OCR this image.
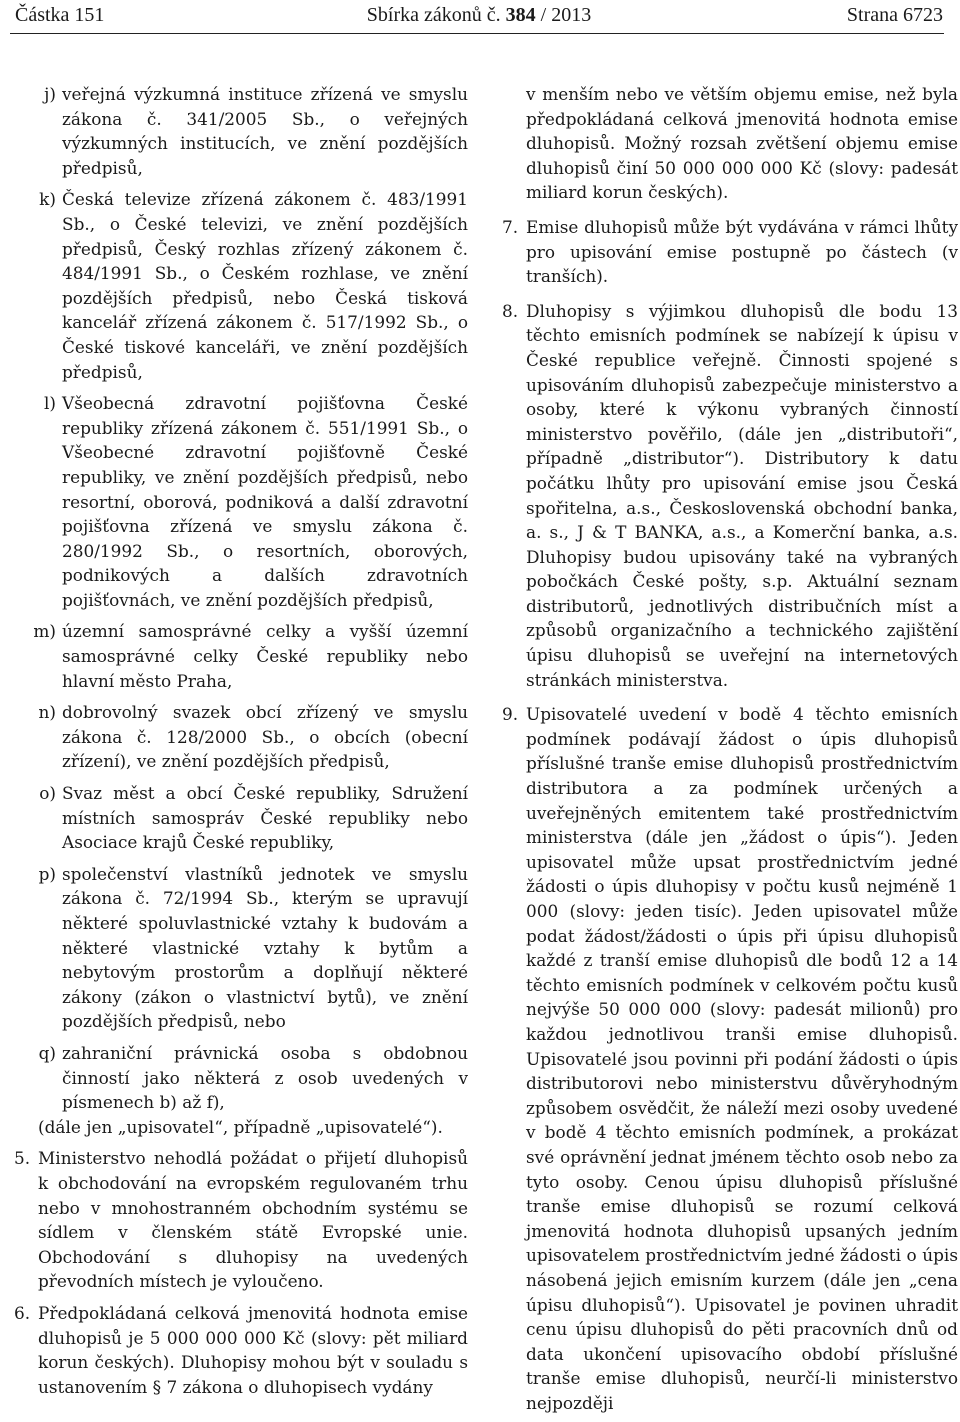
Částka 151	Sbírka zákonů č. 384 / 2013	Strana 6723
j) veřejná výzkumná instituce zřízená ve smyslu zákona č. 341/2005 Sb., o veřejných výzkumných institucích, ve znění pozdějších předpisů,
k) Česká televize zřízená zákonem č. 483/1991 Sb., o České televizi, ve znění pozdějších předpisů, Český rozhlas zřízený zákonem č. 484/1991 Sb., o Českém rozhlase, ve znění pozdějších předpisů, nebo Česká tisková kancelář zřízená zákonem č. 517/1992 Sb., o České tiskové kanceláři, ve znění pozdějších předpisů,
l) Všeobecná zdravotní pojišťovna České republiky zřízená zákonem č. 551/1991 Sb., o Všeobecné zdravotní pojišťovně České republiky, ve znění pozdějších předpisů, nebo resortní, oborová, podniková a další zdravotní pojišťovna zřízená ve smyslu zákona č. 280/1992 Sb., o resortních, oborových, podnikových a dalších zdravotních pojišťovnách, ve znění pozdějších předpisů,
m) územní samosprávné celky a vyšší územní samosprávné celky České republiky nebo hlavní město Praha,
n) dobrovolný svazek obcí zřízený ve smyslu zákona č. 128/2000 Sb., o obcích (obecní zřízení), ve znění pozdějších předpisů,
o) Svaz měst a obcí České republiky, Sdružení místních samospráv České republiky nebo Asociace krajů České republiky,
p) společenství vlastníků jednotek ve smyslu zákona č. 72/1994 Sb., kterým se upravují některé spoluvlastnické vztahy k budovám a některé vlastnické vztahy k bytům a nebytovým prostorům a doplňují některé zákony (zákon o vlastnictví bytů), ve znění pozdějších předpisů, nebo
q) zahraniční právnická osoba s obdobnou činností jako některá z osob uvedených v písmenech b) až f),
(dále jen „upisovatel“, případně „upisovatelé“).
5. Ministerstvo nehodlá požádat o přijetí dluhopisů k obchodování na evropském regulovaném trhu nebo v mnohostranném obchodním systému se sídlem v členském státě Evropské unie. Obchodování s dluhopisy na uvedených převodních místech je vyloučeno.
6. Předpokládaná celková jmenovitá hodnota emise dluhopisů je 5 000 000 000 Kč (slovy: pět miliard korun českých). Dluhopisy mohou být v souladu s ustanovením § 7 zákona o dluhopisech vydány
v menším nebo ve větším objemu emise, než byla předpokládaná celková jmenovitá hodnota emise dluhopisů. Možný rozsah zvětšení objemu emise dluhopisů činí 50 000 000 000 Kč (slovy: padesát miliard korun českých).
7. Emise dluhopisů může být vydávána v rámci lhůty pro upisování emise postupně po částech (v tranších).
8. Dluhopisy s výjimkou dluhopisů dle bodu 13 těchto emisních podmínek se nabízejí k úpisu v České republice veřejně. Činnosti spojené s upisováním dluhopisů zabezpečuje ministerstvo a osoby, které k výkonu vybraných činností ministerstvo pověřilo, (dále jen „distributoři“, případně „distributor“). Distributory k datu počátku lhůty pro upisování emise jsou Česká spořitelna, a.s., Československá obchodní banka, a. s., J & T BANKA, a.s., a Komerční banka, a.s. Dluhopisy budou upisovány také na vybraných pobočkách České pošty, s.p. Aktuální seznam distributorů, jednotlivých distribučních míst a způsobů organizačního a technického zajištění úpisu dluhopisů se uveřejní na internetových stránkách ministerstva.
9. Upisovatelé uvedení v bodě 4 těchto emisních podmínek podávají žádost o úpis dluhopisů příslušné tranše emise dluhopisů prostřednictvím distributora a za podmínek určených a uveřejněných emitentem také prostřednictvím ministerstva (dále jen „žádost o úpis“). Jeden upisovatel může upsat prostřednictvím jedné žádosti o úpis dluhopisy v počtu kusů nejméně 1 000 (slovy: jeden tisíc). Jeden upisovatel může podat žádost/žádosti o úpis při úpisu dluhopisů každé z tranší emise dluhopisů dle bodů 12 a 14 těchto emisních podmínek v celkovém počtu kusů nejvýše 50 000 000 (slovy: padesát milionů) pro každou jednotlivou tranši emise dluhopisů. Upisovatelé jsou povinni při podání žádosti o úpis distributorovi nebo ministerstvu důvěryhodným způsobem osvědčit, že náleží mezi osoby uvedené v bodě 4 těchto emisních podmínek, a prokázat své oprávnění jednat jménem těchto osob nebo za tyto osoby. Cenou úpisu dluhopisů příslušné tranše emise dluhopisů se rozumí celková jmenovitá hodnota dluhopisů upsaných jedním upisovatelem prostřednictvím jedné žádosti o úpis násobená jejich emisním kurzem (dále jen „cena úpisu dluhopisů“). Upisovatel je povinen uhradit cenu úpisu dluhopisů do pěti pracovních dnů od data ukončení upisovacího období příslušné tranše emise dluhopisů, neurčí-li ministerstvo nejpozději
